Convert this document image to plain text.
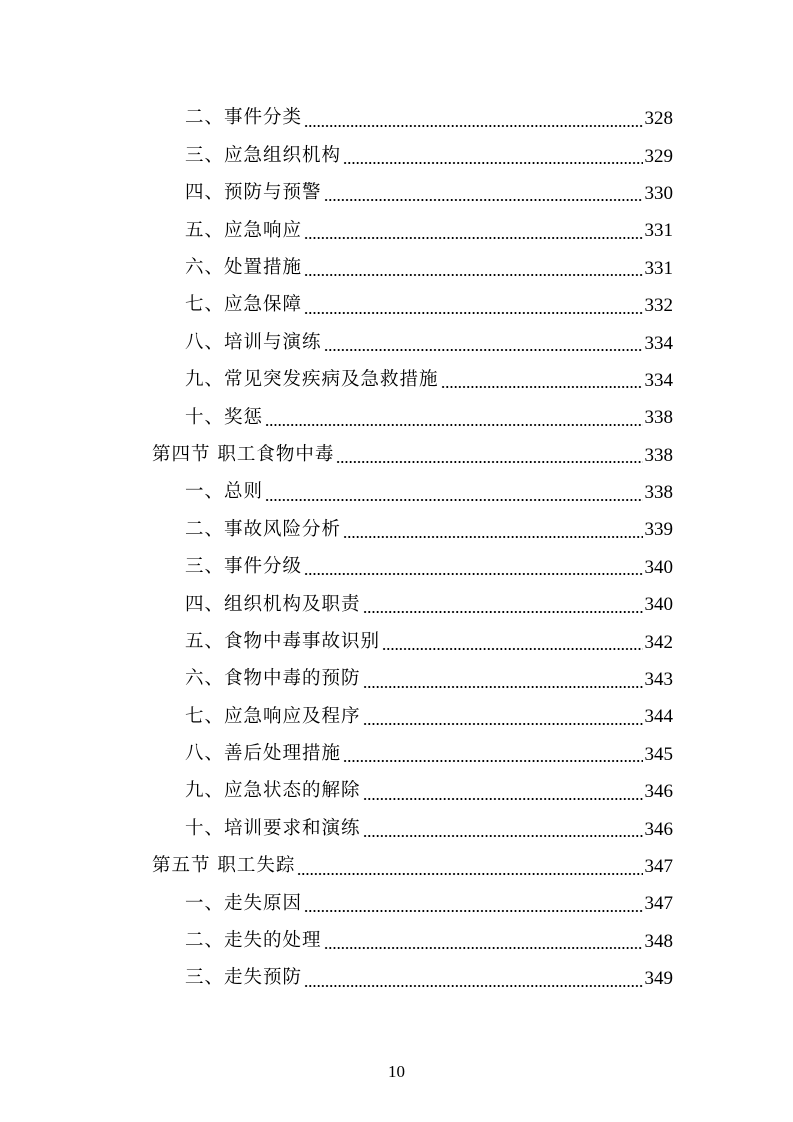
二、事件分类	328
三、应急组织机构	329
四、预防与预警	330
五、应急响应	331
六、处置措施	331
七、应急保障	332
八、培训与演练	334
九、常见突发疾病及急救措施	334
十、奖惩	338
第四节 职工食物中毒	338
一、总则	338
二、事故风险分析	339
三、事件分级	340
四、组织机构及职责	340
五、食物中毒事故识别	342
六、食物中毒的预防	343
七、应急响应及程序	344
八、善后处理措施	345
九、应急状态的解除	346
十、培训要求和演练	346
第五节 职工失踪	347
一、走失原因	347
二、走失的处理	348
三、走失预防	349
10
